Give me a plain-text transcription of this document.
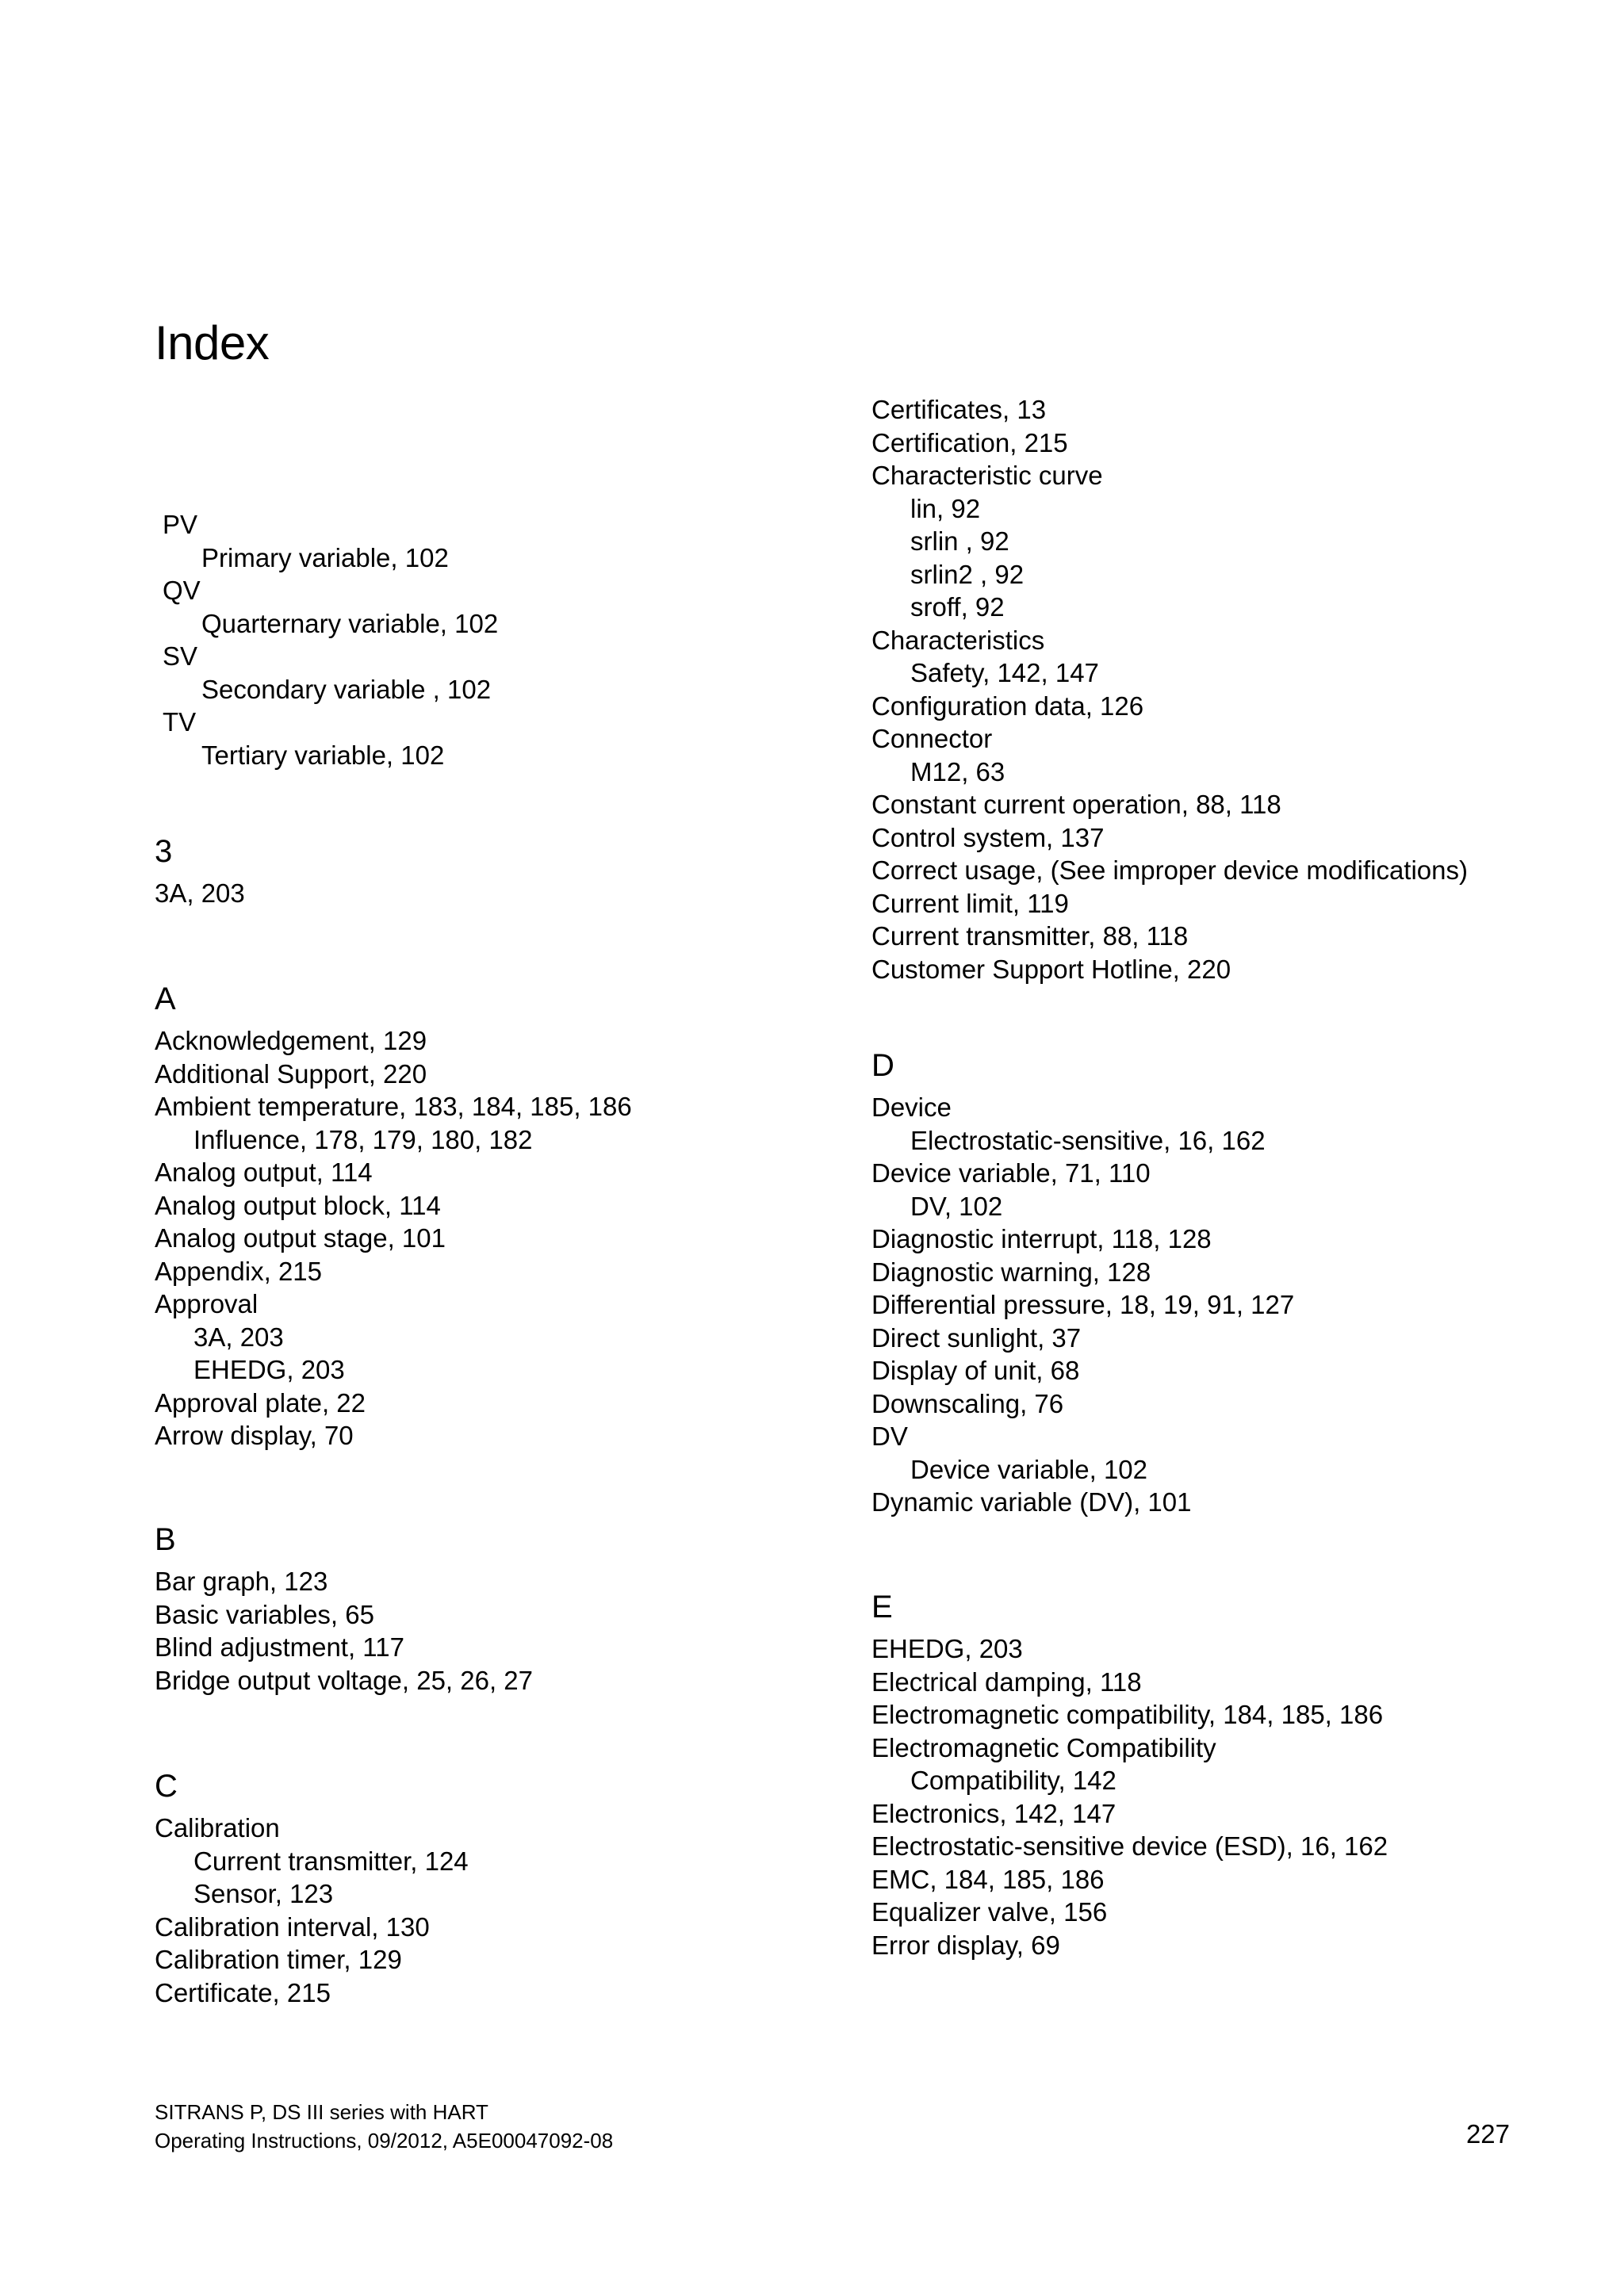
Index
PV
Primary variable, 102
QV
Quarternary variable, 102
SV
Secondary variable , 102
TV
Tertiary variable, 102
3
3A, 203
A
Acknowledgement, 129
Additional Support, 220
Ambient temperature, 183, 184, 185, 186
Influence, 178, 179, 180, 182
Analog output, 114
Analog output block, 114
Analog output stage, 101
Appendix, 215
Approval
3A, 203
EHEDG, 203
Approval plate, 22
Arrow display, 70
B
Bar graph, 123
Basic variables, 65
Blind adjustment, 117
Bridge output voltage, 25, 26, 27
C
Calibration
Current transmitter, 124
Sensor, 123
Calibration interval, 130
Calibration timer, 129
Certificate, 215
Certificates, 13
Certification, 215
Characteristic curve
lin, 92
srlin , 92
srlin2 , 92
sroff, 92
Characteristics
Safety, 142, 147
Configuration data, 126
Connector
M12, 63
Constant current operation, 88, 118
Control system, 137
Correct usage, (See improper device modifications)
Current limit, 119
Current transmitter, 88, 118
Customer Support Hotline, 220
D
Device
Electrostatic-sensitive, 16, 162
Device variable, 71, 110
DV, 102
Diagnostic interrupt, 118, 128
Diagnostic warning, 128
Differential pressure, 18, 19, 91, 127
Direct sunlight, 37
Display of unit, 68
Downscaling, 76
DV
Device variable, 102
Dynamic variable (DV), 101
E
EHEDG, 203
Electrical damping, 118
Electromagnetic compatibility, 184, 185, 186
Electromagnetic Compatibility
Compatibility, 142
Electronics, 142, 147
Electrostatic-sensitive device (ESD), 16, 162
EMC, 184, 185, 186
Equalizer valve, 156
Error display, 69
SITRANS P, DS III series with HART
Operating Instructions, 09/2012, A5E00047092-08	227
